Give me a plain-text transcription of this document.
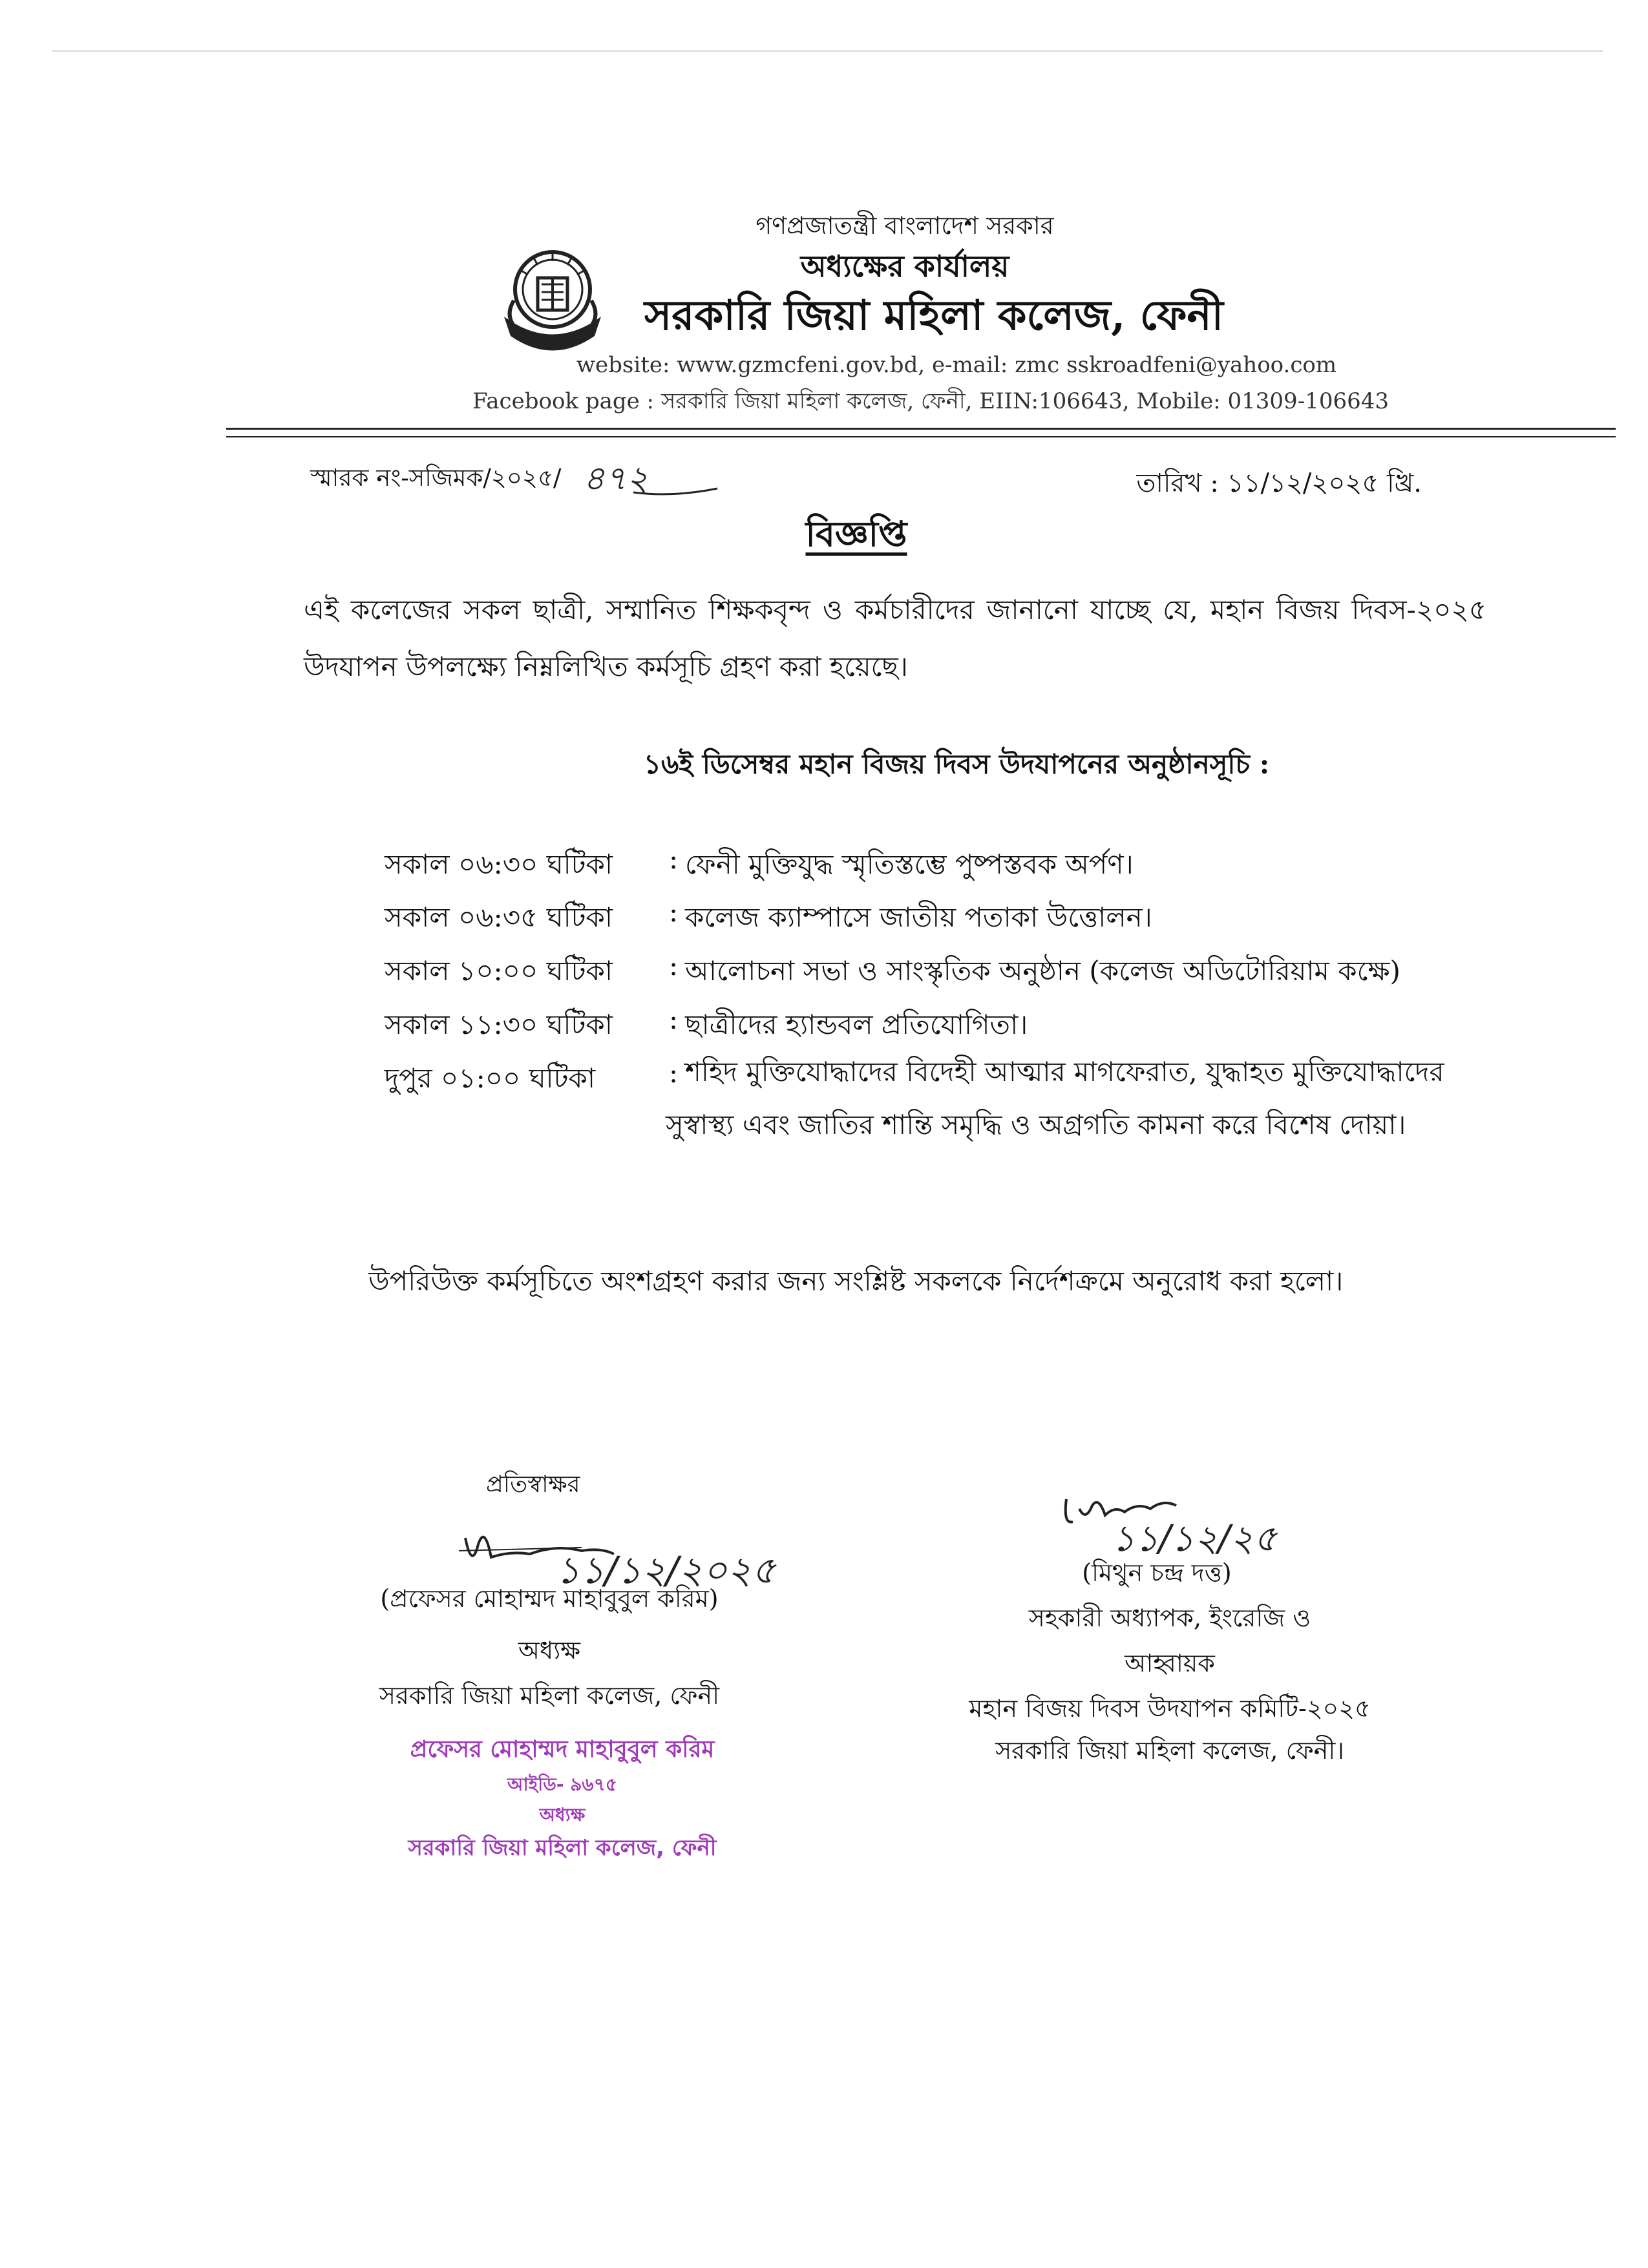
গণপ্রজাতন্ত্রী বাংলাদেশ সরকার
অধ্যক্ষের কার্যালয়
সরকারি জিয়া মহিলা কলেজ, ফেনী
website: www.gzmcfeni.gov.bd, e-mail: zmc sskroadfeni@yahoo.com
Facebook page : সরকারি জিয়া মহিলা কলেজ, ফেনী, EIIN:106643, Mobile: 01309-106643
স্মারক নং-সজিমক/২০২৫/ ৪৭২	তারিখ : ১১/১২/২০২৫ খ্রি.
বিজ্ঞপ্তি
এই কলেজের সকল ছাত্রী, সম্মানিত শিক্ষকবৃন্দ ও কর্মচারীদের জানানো যাচ্ছে যে, মহান বিজয় দিবস-২০২৫ উদযাপন উপলক্ষ্যে নিম্নলিখিত কর্মসূচি গ্রহণ করা হয়েছে।
১৬ই ডিসেম্বর মহান বিজয় দিবস উদযাপনের অনুষ্ঠানসূচি :
সকাল ০৬:৩০ ঘটিকা	: ফেনী মুক্তিযুদ্ধ স্মৃতিস্তম্ভে পুষ্পস্তবক অর্পণ।
সকাল ০৬:৩৫ ঘটিকা	: কলেজ ক্যাম্পাসে জাতীয় পতাকা উত্তোলন।
সকাল ১০:০০ ঘটিকা	: আলোচনা সভা ও সাংস্কৃতিক অনুষ্ঠান (কলেজ অডিটোরিয়াম কক্ষে)
সকাল ১১:৩০ ঘটিকা	: ছাত্রীদের হ্যান্ডবল প্রতিযোগিতা।
দুপুর ০১:০০ ঘটিকা	: শহিদ মুক্তিযোদ্ধাদের বিদেহী আত্মার মাগফেরাত, যুদ্ধাহত মুক্তিযোদ্ধাদের সুস্বাস্থ্য এবং জাতির শান্তি সমৃদ্ধি ও অগ্রগতি কামনা করে বিশেষ দোয়া।
উপরিউক্ত কর্মসূচিতে অংশগ্রহণ করার জন্য সংশ্লিষ্ট সকলকে নির্দেশক্রমে অনুরোধ করা হলো।
প্রতিস্বাক্ষর
১১/১২/২০২৫
(প্রফেসর মোহাম্মদ মাহাবুবুল করিম)
অধ্যক্ষ
সরকারি জিয়া মহিলা কলেজ, ফেনী
প্রফেসর মোহাম্মদ মাহাবুবুল করিম
আইডি- ৯৬৭৫
অধ্যক্ষ
সরকারি জিয়া মহিলা কলেজ, ফেনী
১১/১২/২৫
(মিথুন চন্দ্র দত্ত)
সহকারী অধ্যাপক, ইংরেজি ও
আহ্বায়ক
মহান বিজয় দিবস উদযাপন কমিটি-২০২৫
সরকারি জিয়া মহিলা কলেজ, ফেনী।
